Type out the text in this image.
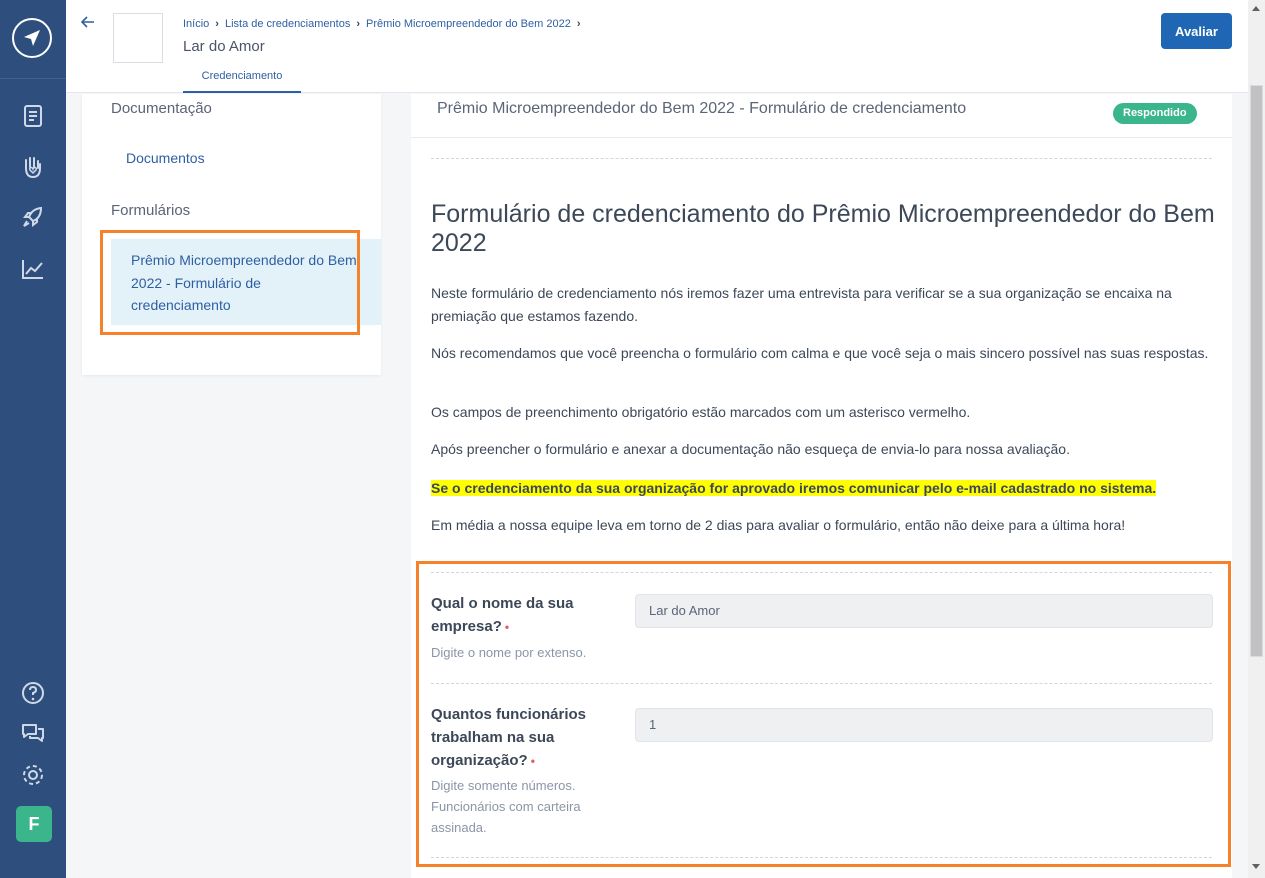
F
Início › Lista de credenciamentos › Prêmio Microempreendedor do Bem 2022 ›
Lar do Amor
Credenciamento
Avaliar
Documentação
Documentos
Formulários
Prêmio Microempreendedor do Bem 2022 - Formulário de credenciamento
Prêmio Microempreendedor do Bem 2022 - Formulário de credenciamento	Respondido
Formulário de credenciamento do Prêmio Microempreendedor do Bem 2022
Neste formulário de credenciamento nós iremos fazer uma entrevista para verificar se a sua organização se encaixa na premiação que estamos fazendo.
Nós recomendamos que você preencha o formulário com calma e que você seja o mais sincero possível nas suas respostas.
Os campos de preenchimento obrigatório estão marcados com um asterisco vermelho.
Após preencher o formulário e anexar a documentação não esqueça de envia-lo para nossa avaliação.
Se o credenciamento da sua organização for aprovado iremos comunicar pelo e-mail cadastrado no sistema.
Em média a nossa equipe leva em torno de 2 dias para avaliar o formulário, então não deixe para a última hora!
Qual o nome da sua empresa? •
Digite o nome por extenso.
Lar do Amor
Quantos funcionários trabalham na sua organização? •
Digite somente números. Funcionários com carteira assinada.
1
